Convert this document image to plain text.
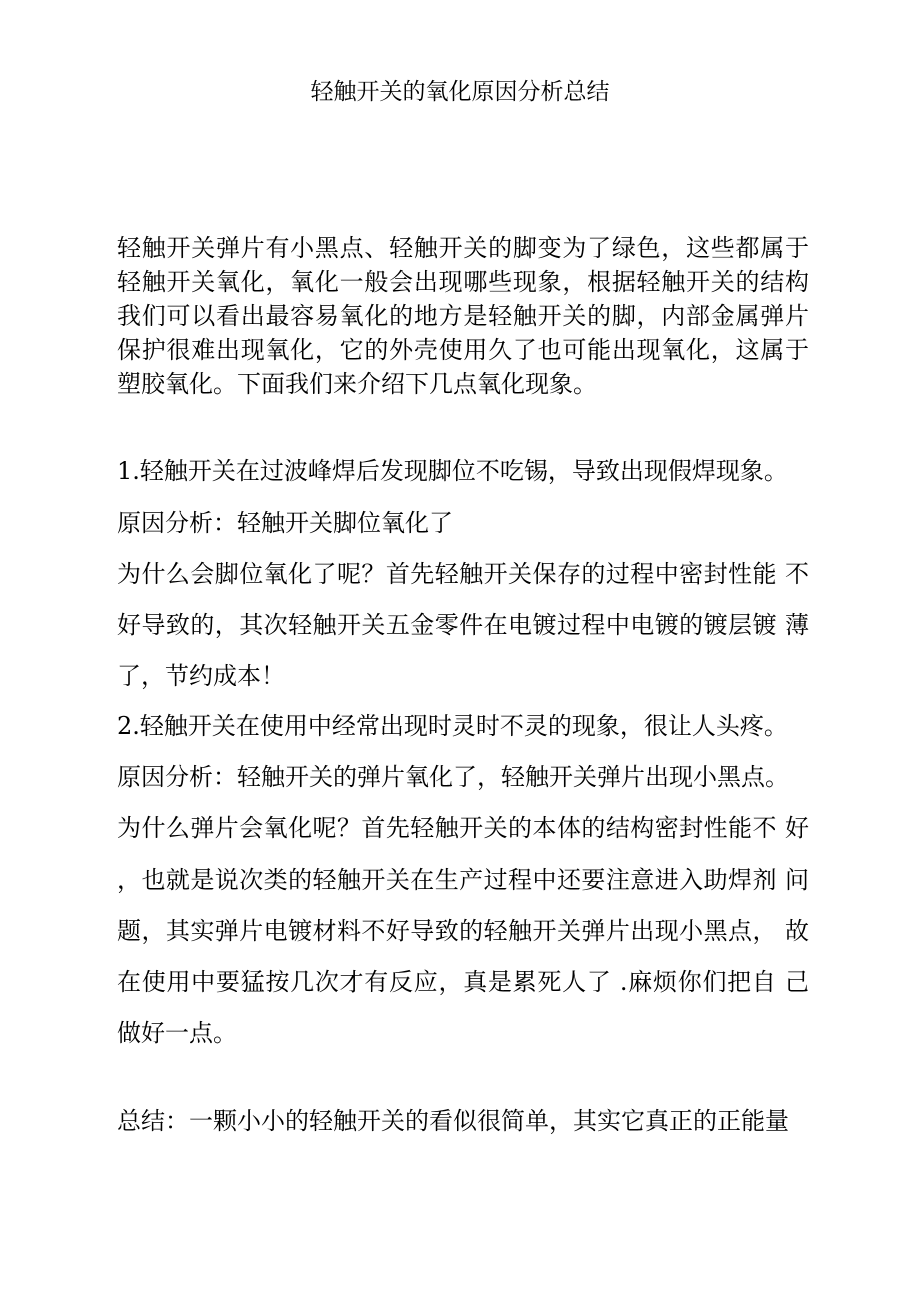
轻触开关的氧化原因分析总结
轻触开关弹片有小黑点、轻触开关的脚变为了绿色，这些都属于
轻触开关氧化，氧化一般会出现哪些现象，根据轻触开关的结构
我们可以看出最容易氧化的地方是轻触开关的脚，内部金属弹片
保护很难出现氧化，它的外壳使用久了也可能出现氧化，这属于
塑胶氧化。下面我们来介绍下几点氧化现象。
1.轻触开关在过波峰焊后发现脚位不吃锡，导致出现假焊现象。
原因分析：轻触开关脚位氧化了
为什么会脚位氧化了呢？首先轻触开关保存的过程中密封性能 不
好导致的，其次轻触开关五金零件在电镀过程中电镀的镀层镀 薄
了，节约成本！
2.轻触开关在使用中经常出现时灵时不灵的现象，很让人头疼。
原因分析：轻触开关的弹片氧化了，轻触开关弹片出现小黑点。
为什么弹片会氧化呢？首先轻触开关的本体的结构密封性能不 好
，也就是说次类的轻触开关在生产过程中还要注意进入助焊剂 问
题，其实弹片电镀材料不好导致的轻触开关弹片出现小黑点， 故
在使用中要猛按几次才有反应，真是累死人了 .麻烦你们把自 己
做好一点。
总结：一颗小小的轻触开关的看似很简单，其实它真正的正能量
